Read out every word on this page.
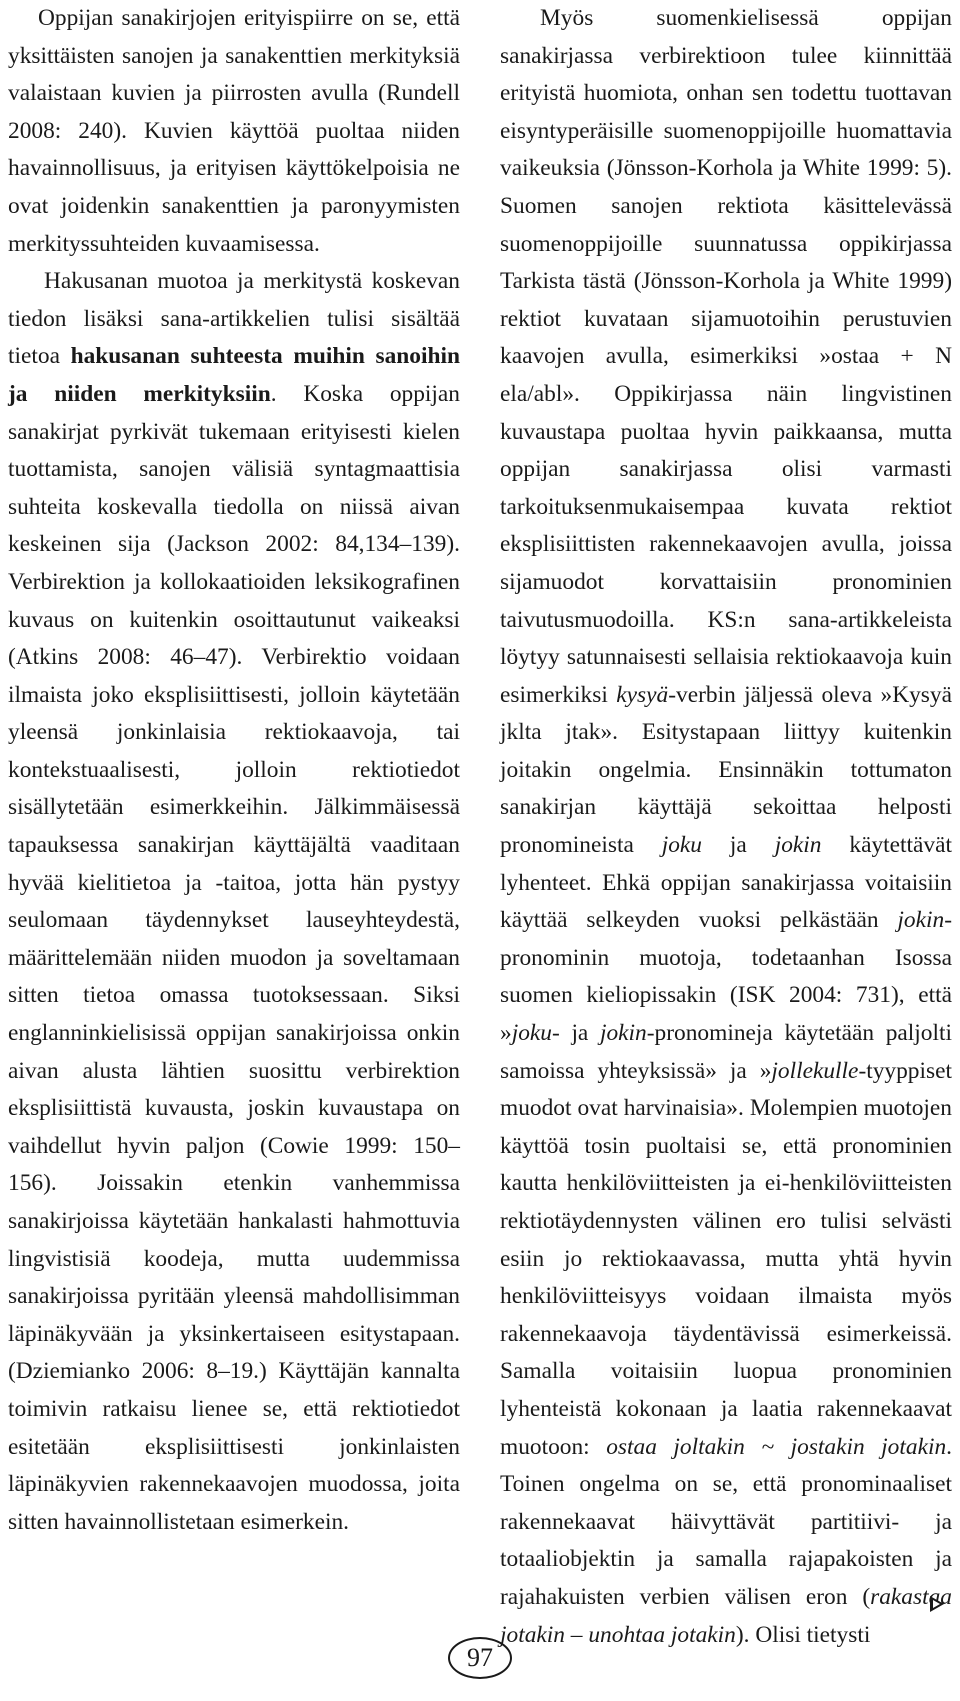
Oppijan sanakirjojen erityispiirre on se, että yksittäisten sanojen ja sanakenttien merkityksiä valaistaan kuvien ja piirrosten avulla (Rundell 2008: 240). Kuvien käyttöä puoltaa niiden havainnollisuus, ja erityisen käyttökelpoisia ne ovat joidenkin sanakenttien ja paronyymisten merkityssuhteiden kuvaamisessa.

Hakusanan muotoa ja merkitystä koskevan tiedon lisäksi sana-artikkelien tulisi sisältää tietoa hakusanan suhteesta muihin sanoihin ja niiden merkityksiin. Koska oppijan sanakirjat pyrkivät tukemaan erityisesti kielen tuottamista, sanojen välisiä syntagmaattisia suhteita koskevalla tiedolla on niissä aivan keskeinen sija (Jackson 2002: 84,134–139). Verbirektion ja kollokaatioiden leksikografinen kuvaus on kuitenkin osoittautunut vaikeaksi (Atkins 2008: 46–47). Verbirektio voidaan ilmaista joko eksplisiittisesti, jolloin käytetään yleensä jonkinlaisia rektiokaavoja, tai kontekstuaalisesti, jolloin rektiotiedot sisällytetään esimerkkeihin. Jälkimmäisessä tapauksessa sanakirjan käyttäjältä vaaditaan hyvää kielitietoa ja -taitoa, jotta hän pystyy seulomaan täydennykset lauseyhteydestä, määrittelemään niiden muodon ja soveltamaan sitten tietoa omassa tuotoksessaan. Siksi englanninkielisissä oppijan sanakirjoissa onkin aivan alusta lähtien suosittu verbirektion eksplisiittistä kuvausta, joskin kuvaustapa on vaihdellut hyvin paljon (Cowie 1999: 150–156). Joissakin etenkin vanhemmissa sanakirjoissa käytetään hankalasti hahmottuvia lingvistisiä koodeja, mutta uudemmissa sanakirjoissa pyritään yleensä mahdollisimman läpinäkyvään ja yksinkertaiseen esitystapaan. (Dziemianko 2006: 8–19.) Käyttäjän kannalta toimivin ratkaisu lienee se, että rektiotiedot esitetään eksplisiittisesti jonkinlaisten läpinäkyvien rakennekaavojen muodossa, joita sitten havainnollistetaan esimerkein.

Myös suomenkielisessä oppijan sanakirjassa verbirektioon tulee kiinnittää erityistä huomiota, onhan sen todettu tuottavan eisyntyperäisille suomenoppijoille huomattavia vaikeuksia (Jönsson-Korhola ja White 1999: 5). Suomen sanojen rektiota käsittelevässä suomenoppijoille suunnatussa oppikirjassa Tarkista tästä (Jönsson-Korhola ja White 1999) rektiot kuvataan sijamuotoihin perustuvien kaavojen avulla, esimerkiksi »ostaa + N ela/abl». Oppikirjassa näin lingvistinen kuvaustapa puoltaa hyvin paikkaansa, mutta oppijan sanakirjassa olisi varmasti tarkoituksenmukaisempaa kuvata rektiot eksplisiittisten rakennekaavojen avulla, joissa sijamuodot korvattaisiin pronominien taivutusmuodoilla. KS:n sana-artikkeleista löytyy satunnaisesti sellaisia rektiokaavoja kuin esimerkiksi kysyä-verbin jäljessä oleva »Kysyä jklta jtak». Esitystapaan liittyy kuitenkin joitakin ongelmia. Ensinnäkin tottumaton sanakirjan käyttäjä sekoittaa helposti pronomineista joku ja jokin käytettävät lyhenteet. Ehkä oppijan sanakirjassa voitaisiin käyttää selkeyden vuoksi pelkästään jokin-pronominin muotoja, todetaanhan Isossa suomen kieliopissakin (ISK 2004: 731), että »joku- ja jokin-pronomineja käytetään paljolti samoissa yhteyksissä» ja »jollekulle-tyyppiset muodot ovat harvinaisia». Molempien muotojen käyttöä tosin puoltaisi se, että pronominien kautta henkilöviitteisten ja ei-henkilöviitteisten rektiotäydennysten välinen ero tulisi selvästi esiin jo rektiokaavassa, mutta yhtä hyvin henkilöviitteisyys voidaan ilmaista myös rakennekaavoja täydentävissä esimerkeissä. Samalla voitaisiin luopua pronominien lyhenteistä kokonaan ja laatia rakennekaavat muotoon: ostaa joltakin ~ jostakin jotakin. Toinen ongelma on se, että pronominaaliset rakennekaavat häivyttävät partitiivi- ja totaaliobjektin ja samalla rajapakoisten ja rajahakuisten verbien välisen eron (rakastaa jotakin – unohtaa jotakin). Olisi tietysti

97
